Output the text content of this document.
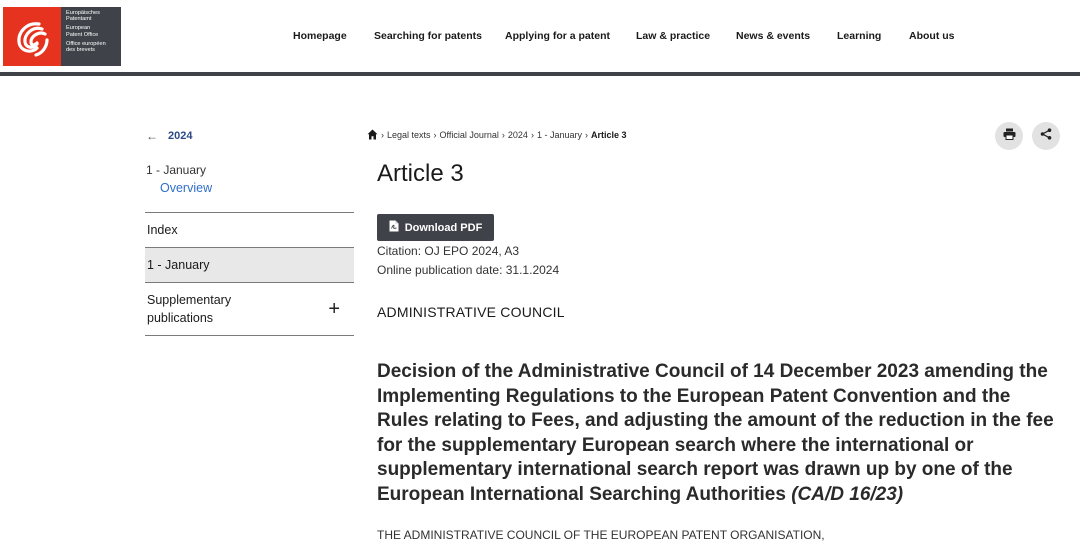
Europäisches
Patentamt
European
Patent Office
Office européen
des brevets
Homepage	Searching for patents Applying for a patent Law & practice News & events	Learning	About us
← 2024
1 - January
Overview
Index
1 - January
Supplementary publications	+
› Legal texts › Official Journal › 2024 › 1 - January › Article 3
Article 3
Download PDF
Citation: OJ EPO 2024, A3
Online publication date: 31.1.2024
ADMINISTRATIVE COUNCIL
Decision of the Administrative Council of 14 December 2023 amending the Implementing Regulations to the European Patent Convention and the Rules relating to Fees, and adjusting the amount of the reduction in the fee for the supplementary European search where the international or supplementary international search report was drawn up by one of the European International Searching Authorities (CA/D 16/23)
THE ADMINISTRATIVE COUNCIL OF THE EUROPEAN PATENT ORGANISATION,
